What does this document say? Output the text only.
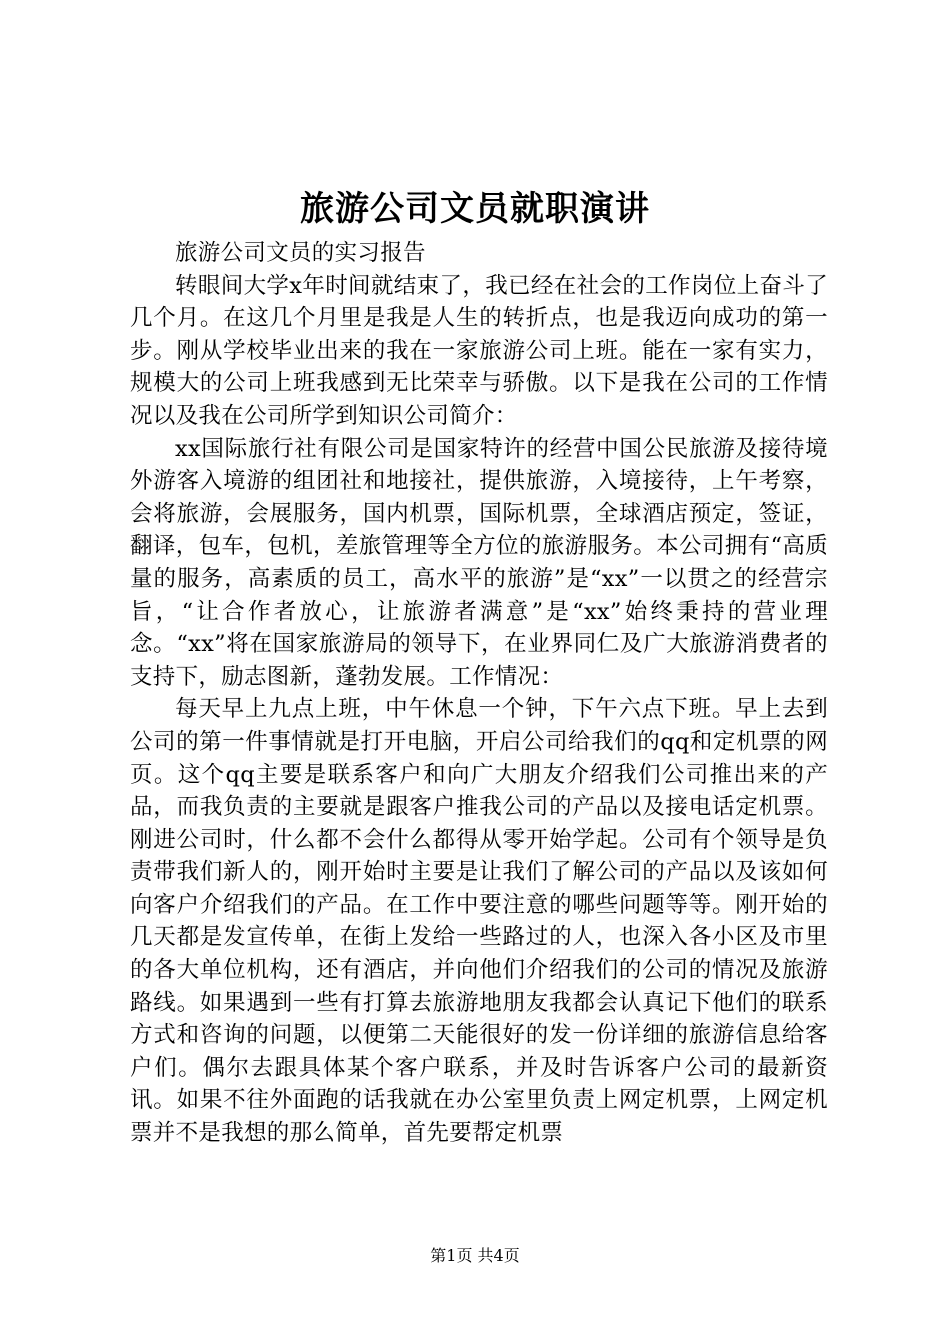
旅游公司文员就职演讲

旅游公司文员的实习报告

转眼间大学x年时间就结束了，我已经在社会的工作岗位上奋斗了几个月。在这几个月里是我是人生的转折点，也是我迈向成功的第一步。刚从学校毕业出来的我在一家旅游公司上班。能在一家有实力，规模大的公司上班我感到无比荣幸与骄傲。以下是我在公司的工作情况以及我在公司所学到知识公司简介：

xx国际旅行社有限公司是国家特许的经营中国公民旅游及接待境外游客入境游的组团社和地接社，提供旅游，入境接待，上午考察，会将旅游，会展服务，国内机票，国际机票，全球酒店预定，签证，翻译，包车，包机，差旅管理等全方位的旅游服务。本公司拥有“高质量的服务，高素质的员工，高水平的旅游”是“xx”一以贯之的经营宗旨，“让合作者放心，让旅游者满意”是“xx”始终秉持的营业理念。“xx”将在国家旅游局的领导下，在业界同仁及广大旅游消费者的支持下，励志图新，蓬勃发展。工作情况：

每天早上九点上班，中午休息一个钟，下午六点下班。早上去到公司的第一件事情就是打开电脑，开启公司给我们的qq和定机票的网页。这个qq主要是联系客户和向广大朋友介绍我们公司推出来的产品，而我负责的主要就是跟客户推我公司的产品以及接电话定机票。刚进公司时，什么都不会什么都得从零开始学起。公司有个领导是负责带我们新人的，刚开始时主要是让我们了解公司的产品以及该如何向客户介绍我们的产品。在工作中要注意的哪些问题等等。刚开始的几天都是发宣传单，在街上发给一些路过的人，也深入各小区及市里的各大单位机构，还有酒店，并向他们介绍我们的公司的情况及旅游路线。如果遇到一些有打算去旅游地朋友我都会认真记下他们的联系方式和咨询的问题，以便第二天能很好的发一份详细的旅游信息给客户们。偶尔去跟具体某个客户联系，并及时告诉客户公司的最新资讯。如果不往外面跑的话我就在办公室里负责上网定机票，上网定机票并不是我想的那么简单，首先要帮定机票

第1页 共4页
